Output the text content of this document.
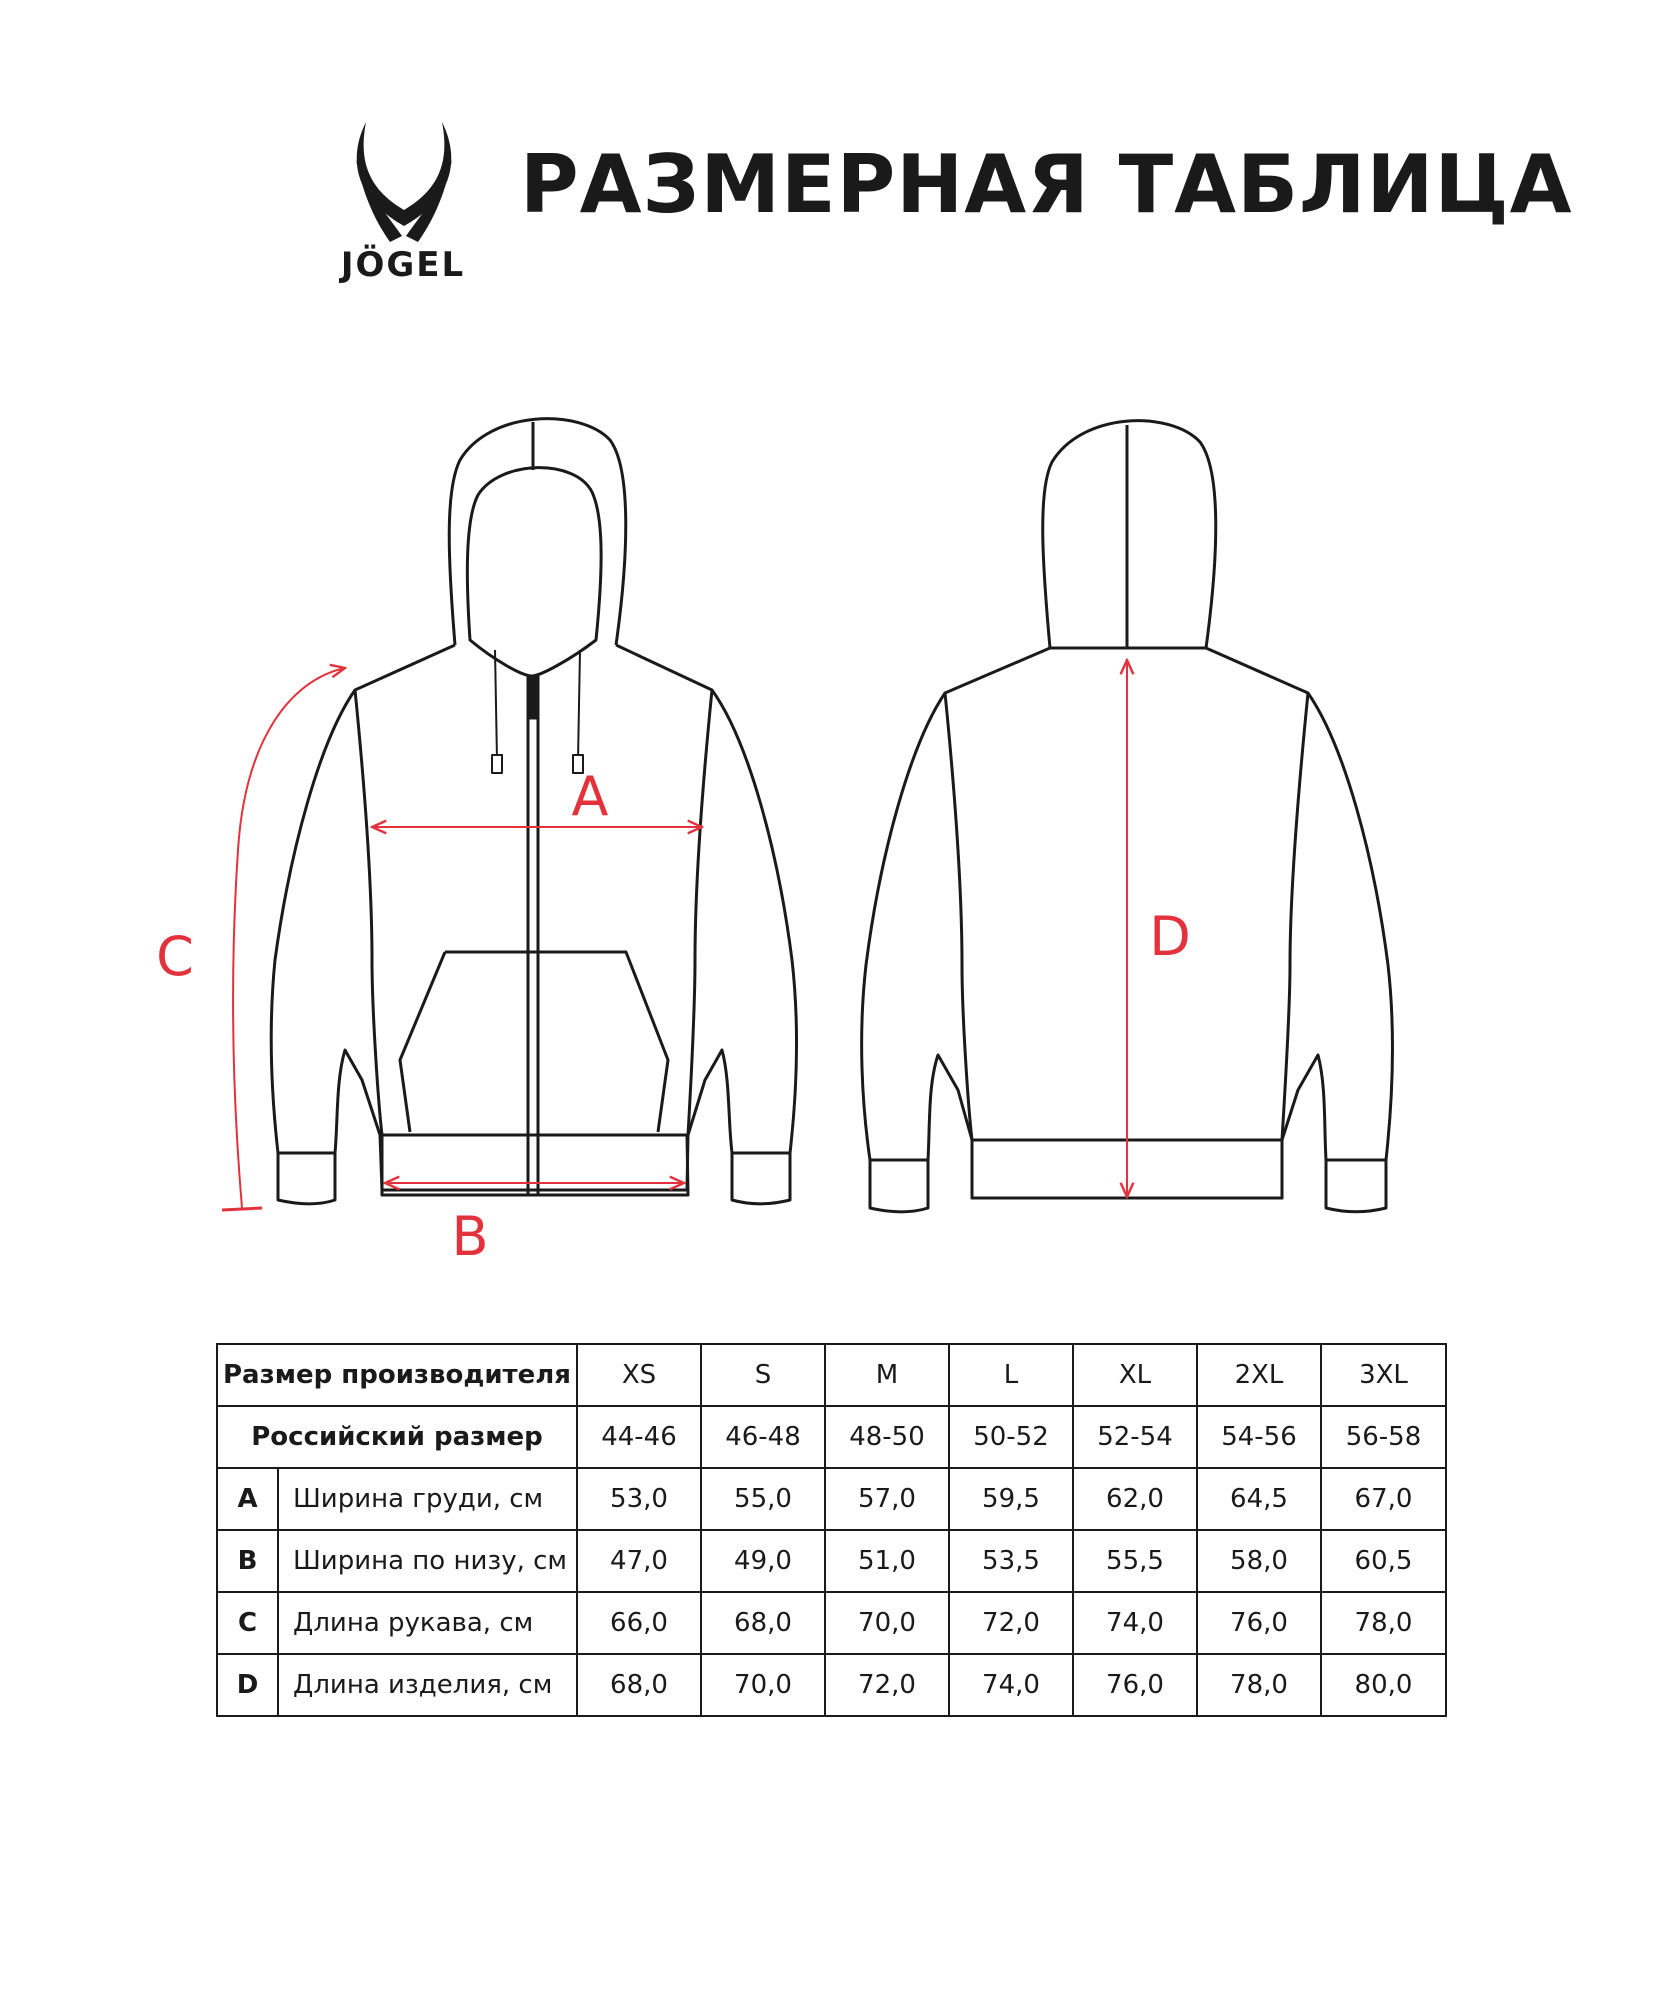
JÖGEL
РАЗМЕРНАЯ ТАБЛИЦА
A
B
C	D
Размер производителя		XS	S	M	L	XL	2XL	3XL
Российский размер		44-46	46-48	48-50	50-52	52-54	54-56	56-58
A	Ширина груди, см	53,0	55,0	57,0	59,5	62,0	64,5	67,0
B	Ширина по низу, см	47,0	49,0	51,0	53,5	55,5	58,0	60,5
C	Длина рукава, см	66,0	68,0	70,0	72,0	74,0	76,0	78,0
D	Длина изделия, см	68,0	70,0	72,0	74,0	76,0	78,0	80,0
